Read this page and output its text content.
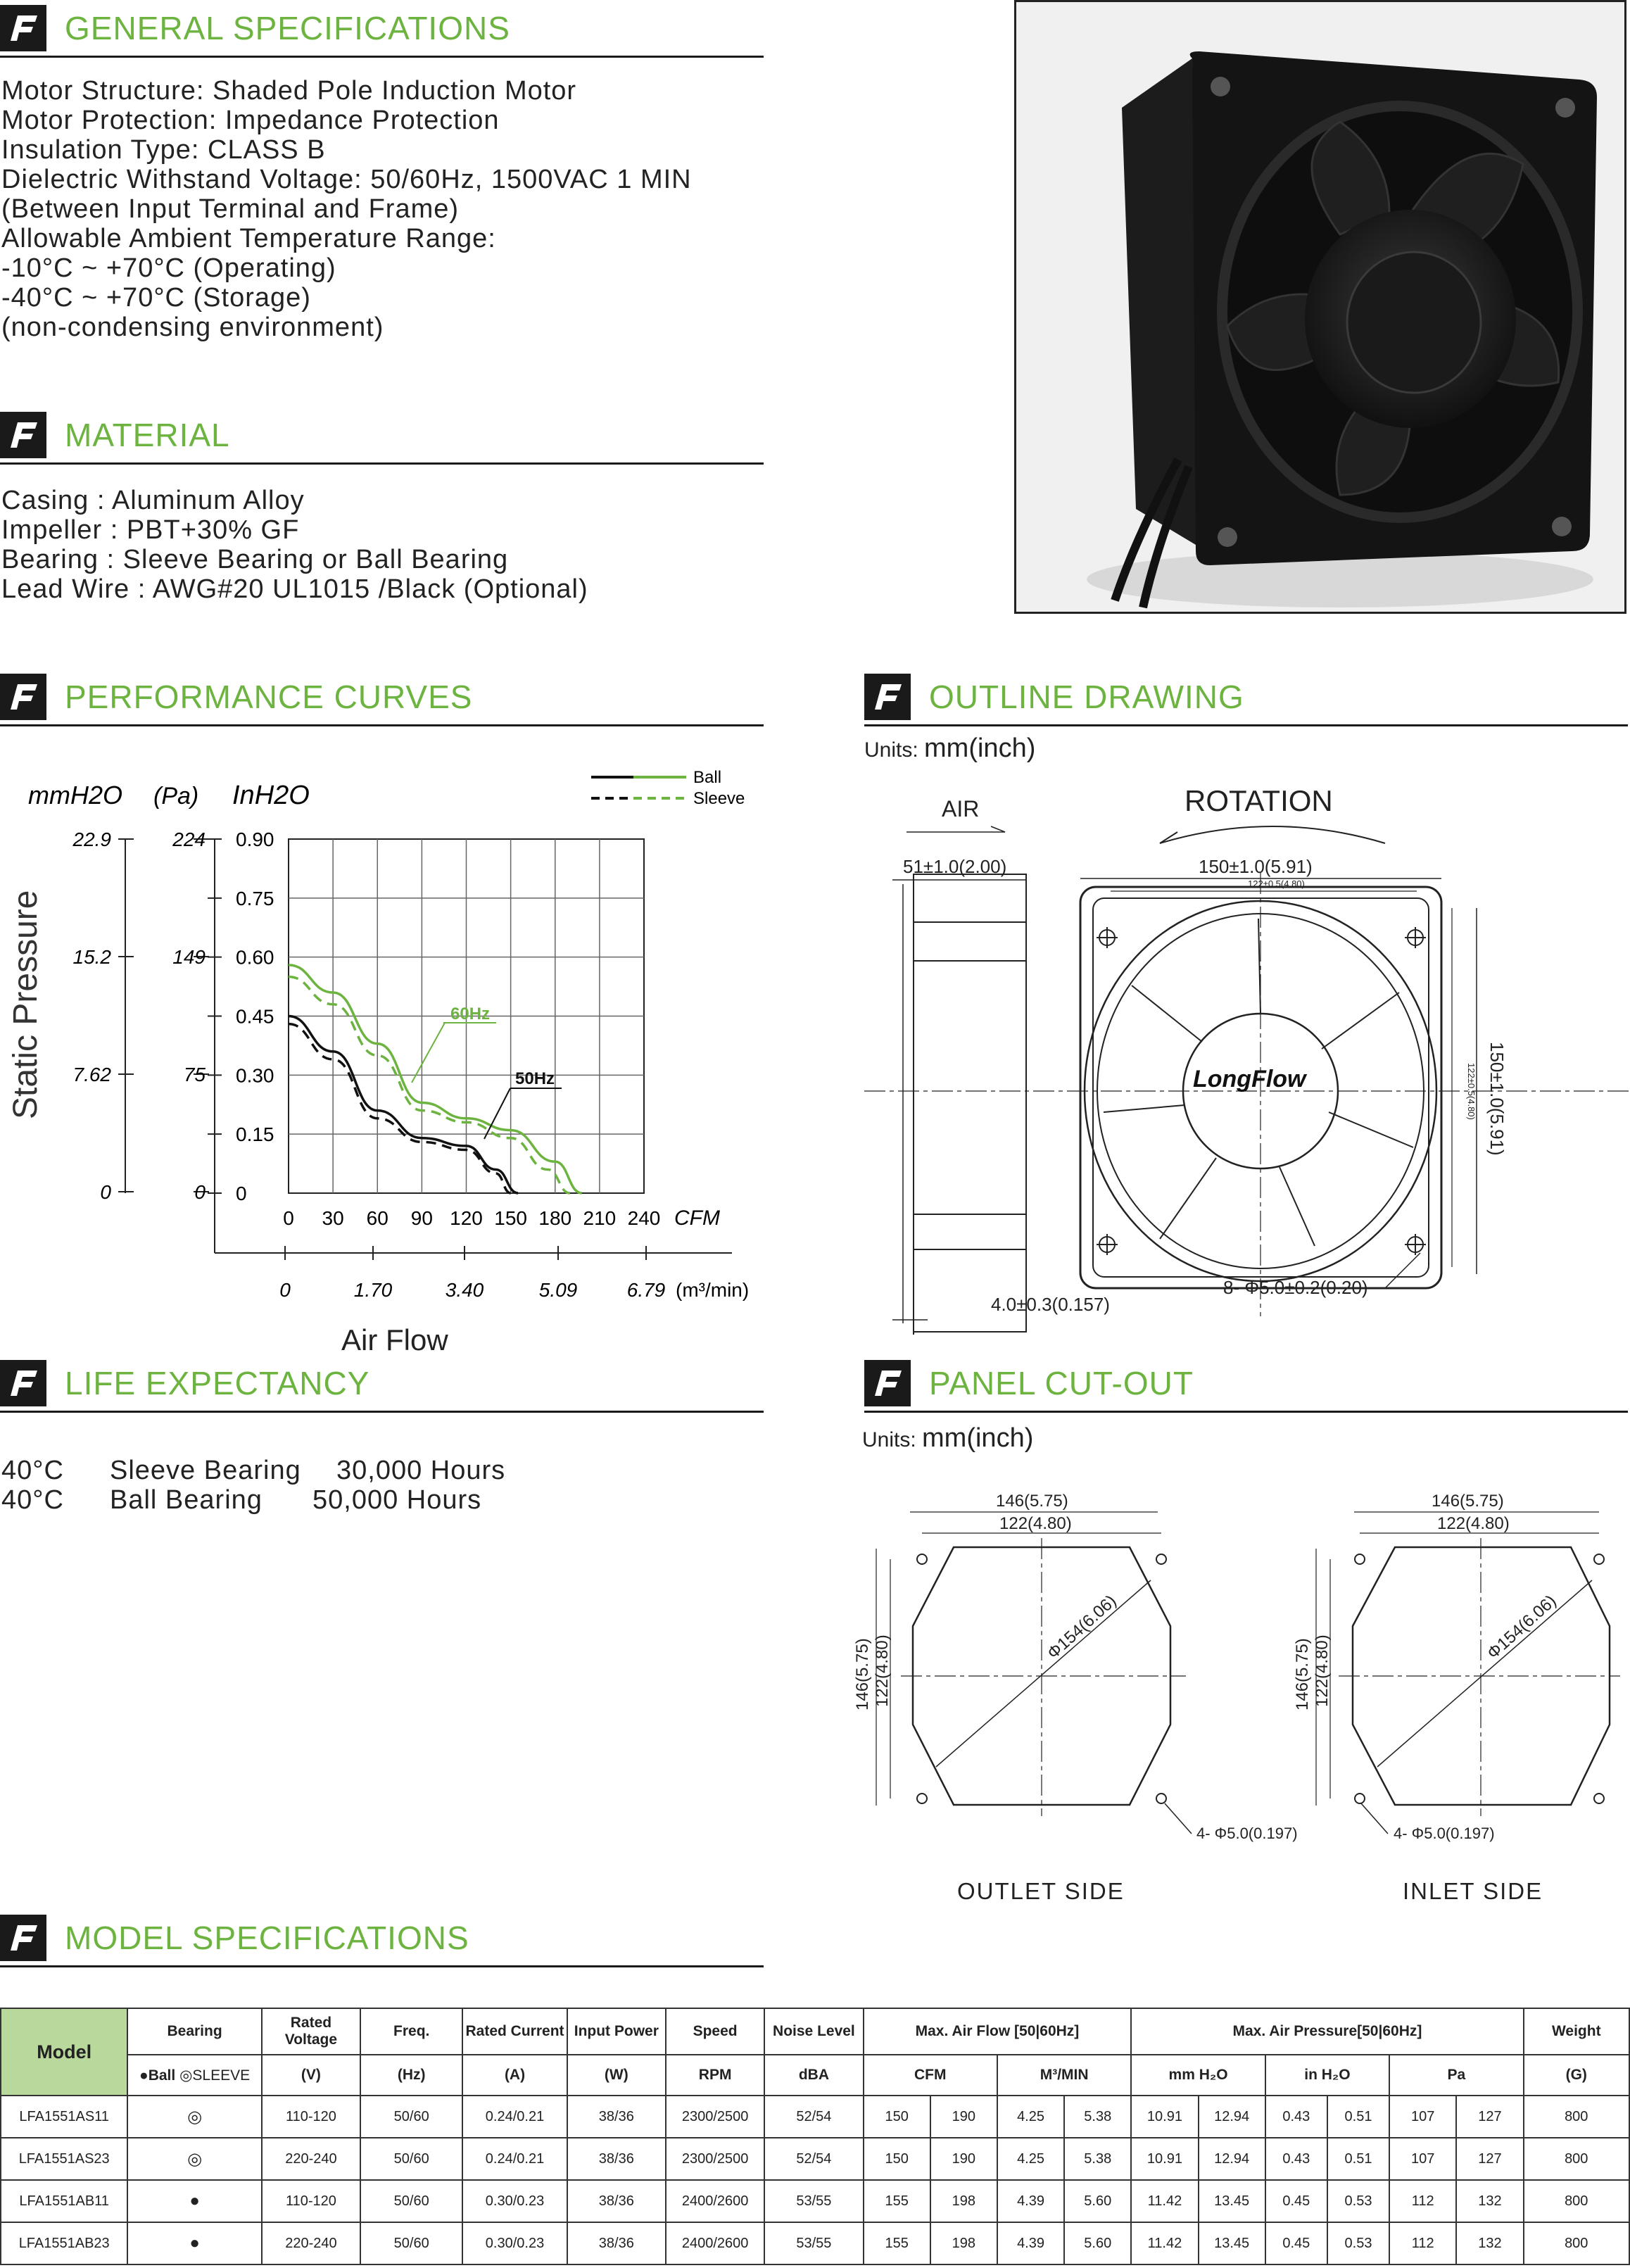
GENERAL SPECIFICATIONS
Motor Structure: Shaded Pole Induction Motor
Motor Protection: Impedance Protection
Insulation Type: CLASS B
Dielectric Withstand Voltage: 50/60Hz, 1500VAC 1 MIN
(Between Input Terminal and Frame)
Allowable Ambient Temperature Range:
-10°C ~ +70°C (Operating)
-40°C ~ +70°C (Storage)
(non-condensing environment)
MATERIAL
Casing : Aluminum Alloy
Impeller : PBT+30% GF
Bearing : Sleeve Bearing or Ball Bearing
Lead Wire : AWG#20 UL1015 /Black (Optional)
PERFORMANCE CURVES
Ball
Sleeve
mmH2O (Pa) InH2O
Static Pressure
0.90
0.75
0.60
0.45
0.30
0.15
0
22.9
15.2
7.62
0
224
149
75
0
0 30 60 90 120 150 180 210 240 CFM
0	1.70	3.40	5.09	6.79 (m³/min)
60Hz
50Hz
Air Flow
OUTLINE DRAWING
Units: mm(inch)
AIR
51±1.0(2.00)
4.0±0.3(0.157)
ROTATION
150±1.0(5.91)
122±0.5(4.80)
LongFlow	150±1.0(5.91)
122±0.5(4.80)
8- Φ5.0±0.2(0.20)
LIFE EXPECTANCY
40°C Sleeve Bearing 30,000 Hours
40°C Ball Bearing 50,000 Hours
PANEL CUT-OUT
Units: mm(inch)
146(5.75)
122(4.80)
Φ154(6.06)
146(5.75) 122(4.80)
4- Φ5.0(0.197)
OUTLET SIDE
146(5.75)
122(4.80)
Φ154(6.06)
146(5.75) 122(4.80)
4- Φ5.0(0.197)
INLET SIDE
MODEL SPECIFICATIONS
Model	Bearing	Rated Voltage	Freq.	Rated Current	Input Power	Speed	Noise Level	Max. Air Flow [50|60Hz]				Max. Air Pressure[50|60Hz]						Weight
	●Ball ◎SLEEVE	(V)	(Hz)	(A)	(W)	RPM	dBA	CFM		M³/MIN		mm H₂O		in H₂O		Pa		(G)
LFA1551AS11	◎	110-120	50/60	0.24/0.21	38/36	2300/2500	52/54	150	190	4.25	5.38	10.91	12.94	0.43	0.51	107	127	800
LFA1551AS23	◎	220-240	50/60	0.24/0.21	38/36	2300/2500	52/54	150	190	4.25	5.38	10.91	12.94	0.43	0.51	107	127	800
LFA1551AB11	●	110-120	50/60	0.30/0.23	38/36	2400/2600	53/55	155	198	4.39	5.60	11.42	13.45	0.45	0.53	112	132	800
LFA1551AB23	●	220-240	50/60	0.30/0.23	38/36	2400/2600	53/55	155	198	4.39	5.60	11.42	13.45	0.45	0.53	112	132	800
